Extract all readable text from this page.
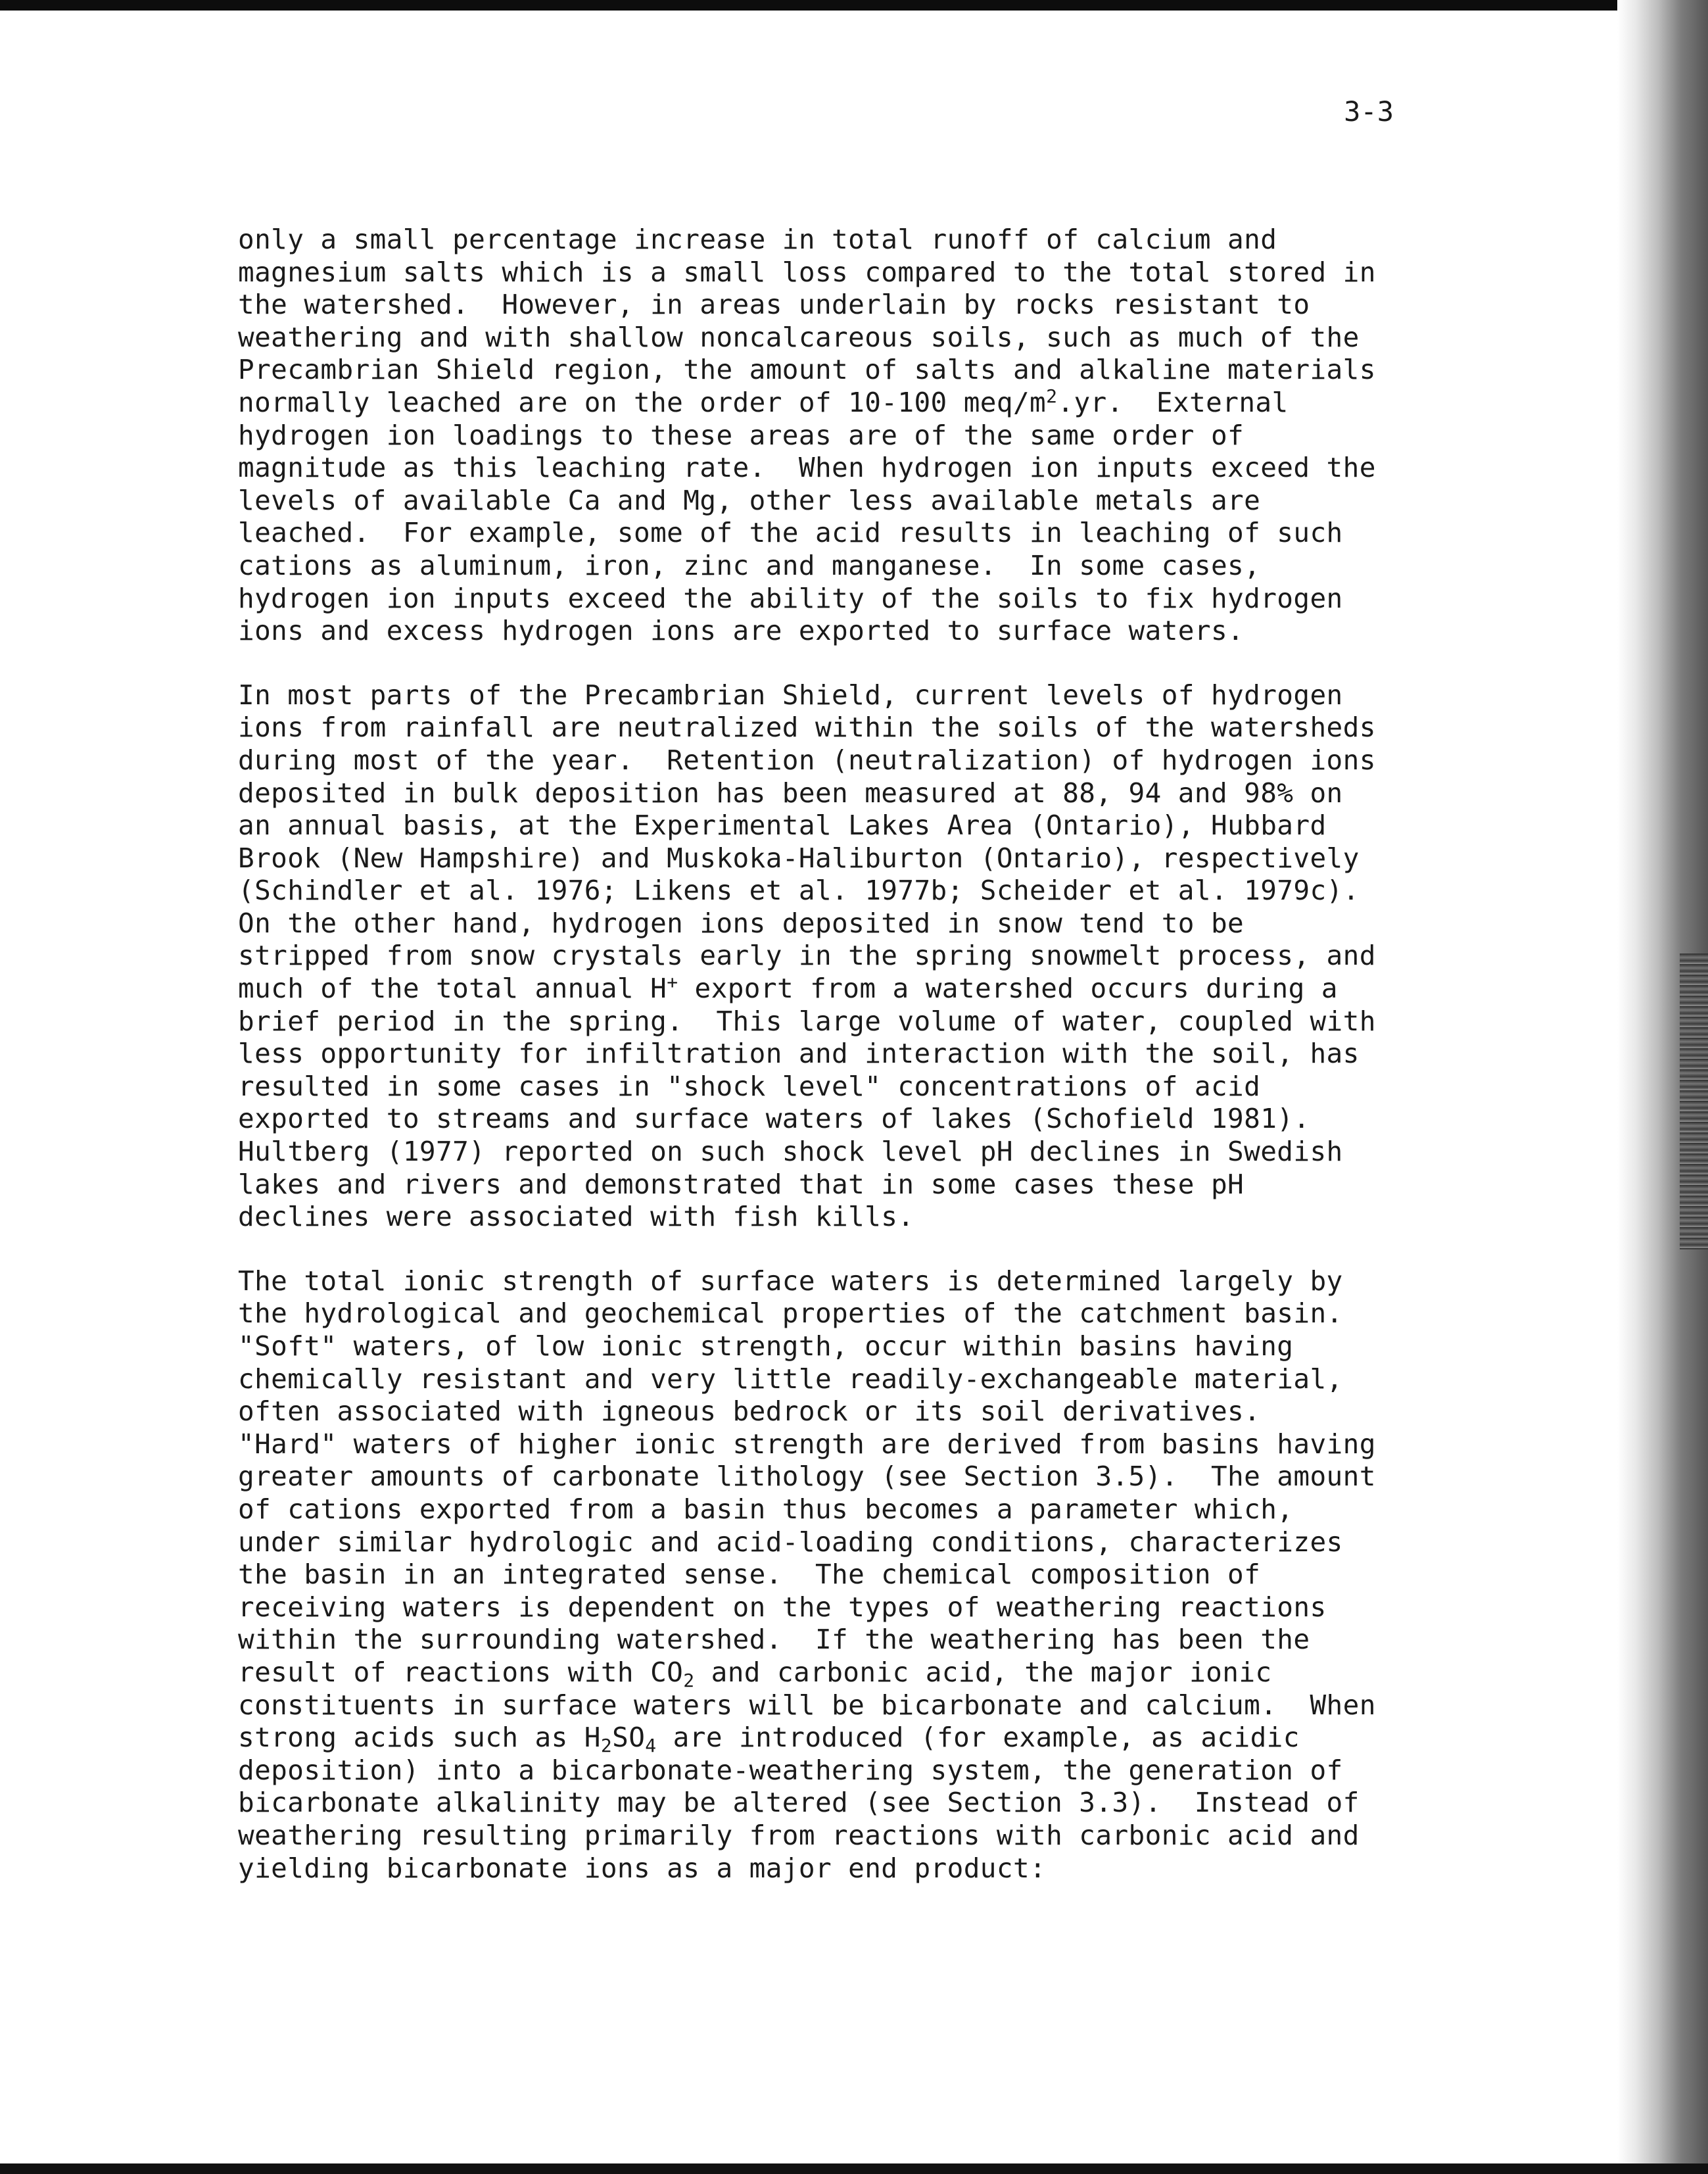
3-3
only a small percentage increase in total runoff of calcium and
magnesium salts which is a small loss compared to the total stored in
the watershed.  However, in areas underlain by rocks resistant to
weathering and with shallow noncalcareous soils, such as much of the
Precambrian Shield region, the amount of salts and alkaline materials
normally leached are on the order of 10-100 meq/$m^2.yr$.  External
hydrogen ion loadings to these areas are of the same order of
magnitude as this leaching rate.  When hydrogen ion inputs exceed the
levels of available Ca and Mg, other less available metals are
leached.  For example, some of the acid results in leaching of such
cations as aluminum, iron, zinc and manganese.  In some cases,
hydrogen ion inputs exceed the ability of the soils to fix hydrogen
ions and excess hydrogen ions are exported to surface waters.
In most parts of the Precambrian Shield, current levels of hydrogen
ions from rainfall are neutralized within the soils of the watersheds
during most of the year.  Retention (neutralization) of hydrogen ions
deposited in bulk deposition has been measured at 88, 94 and 98% on
an annual basis, at the Experimental Lakes Area (Ontario), Hubbard
Brook (New Hampshire) and Muskoka-Haliburton (Ontario), respectively
(Schindler et al. 1976; Likens et al. 1977b; Scheider et al. 1979c).
On the other hand, hydrogen ions deposited in snow tend to be
stripped from snow crystals early in the spring snowmelt process, and
much of the total annual H+ export from a watershed occurs during a
brief period in the spring.  This large volume of water, coupled with
less opportunity for infiltration and interaction with the soil, has
resulted in some cases in "shock level" concentrations of acid
exported to streams and surface waters of lakes (Schofield 1981).
Hultberg (1977) reported on such shock level pH declines in Swedish
lakes and rivers and demonstrated that in some cases these pH
declines were associated with fish kills.
The total ionic strength of surface waters is determined largely by
the hydrological and geochemical properties of the catchment basin.
"Soft" waters, of low ionic strength, occur within basins having
chemically resistant and very little readily-exchangeable material,
often associated with igneous bedrock or its soil derivatives.
"Hard" waters of higher ionic strength are derived from basins having
greater amounts of carbonate lithology (see Section 3.5).  The amount
of cations exported from a basin thus becomes a parameter which,
under similar hydrologic and acid-loading conditions, characterizes
the basin in an integrated sense.  The chemical composition of
receiving waters is dependent on the types of weathering reactions
within the surrounding watershed.  If the weathering has been the
result of reactions with $CO_2$ and carbonic acid, the major ionic
constituents in surface waters will be bicarbonate and calcium.  When
strong acids such as $H_2SO_4$ are introduced (for example, as acidic
deposition) into a bicarbonate-weathering system, the generation of
bicarbonate alkalinity may be altered (see Section 3.3).  Instead of
weathering resulting primarily from reactions with carbonic acid and
yielding bicarbonate ions as a major end product:
